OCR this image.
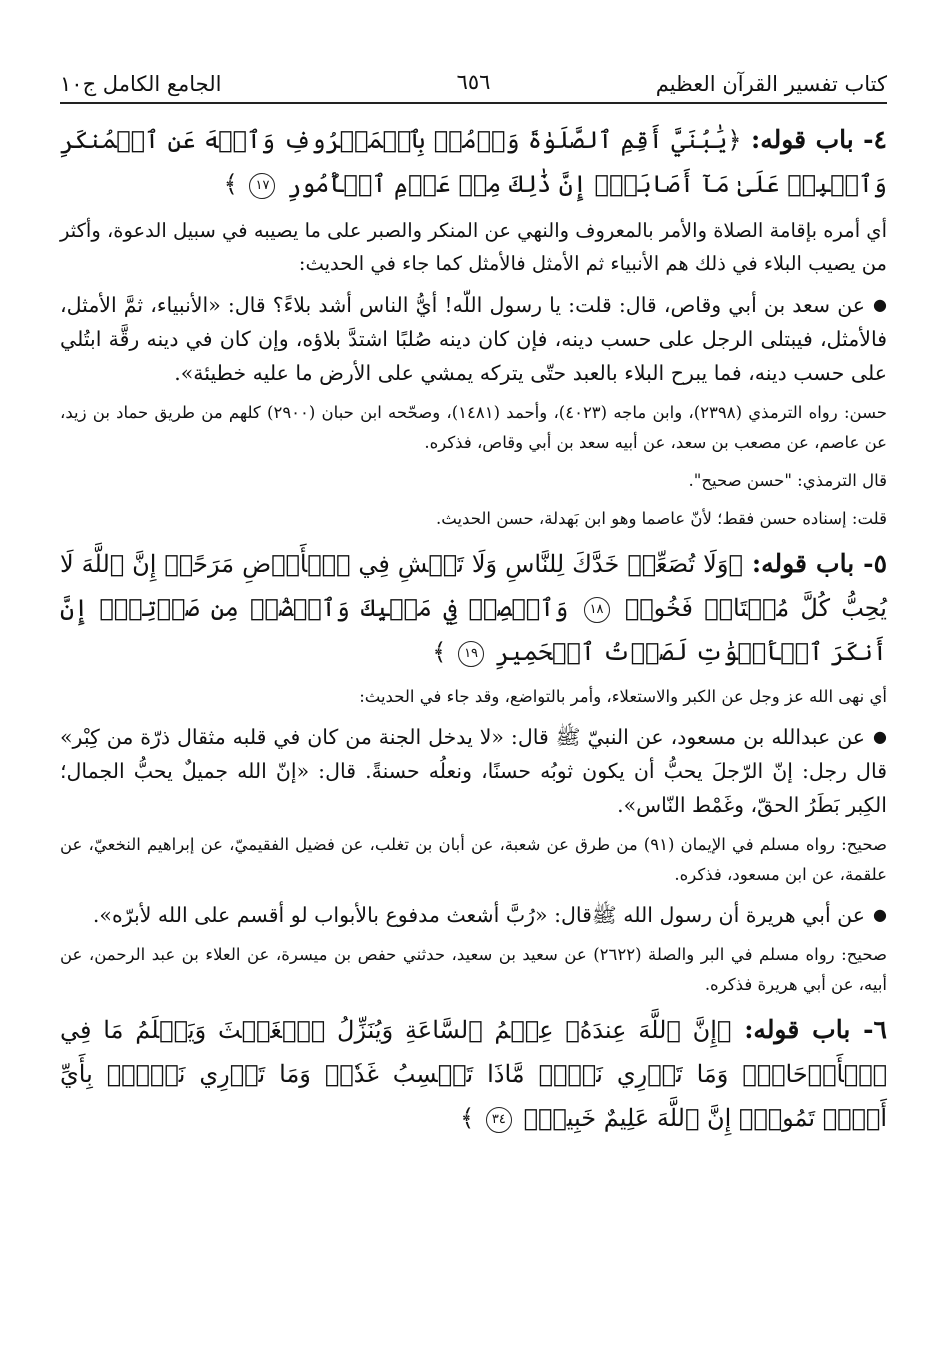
كتاب تفسير القرآن العظيم
٦٥٦
الجامع الكامل ج١٠
٤- باب قوله: ﴿يَٰبُنَيَّ أَقِمِ ٱلصَّلَوٰةَ وَأۡمُرۡ بِٱلۡمَعۡرُوفِ وَٱنۡهَ عَنِ ٱلۡمُنكَرِ وَٱصۡبِرۡ عَلَىٰ مَآ أَصَابَكَۖ إِنَّ ذَٰلِكَ مِنۡ عَزۡمِ ٱلۡأُمُورِ ١٧ ﴾

أي أمره بإقامة الصلاة والأمر بالمعروف والنهي عن المنكر والصبر على ما يصيبه في سبيل الدعوة، وأكثر من يصيب البلاء في ذلك هم الأنبياء ثم الأمثل فالأمثل كما جاء في الحديث:

●عن سعد بن أبي وقاص، قال: قلت: يا رسول اللّه! أيُّ الناس أشد بلاءً؟ قال: «الأنبياء، ثمَّ الأمثل، فالأمثل، فيبتلى الرجل على حسب دينه، فإن كان دينه صُلبًا اشتدَّ بلاؤه، وإن كان في دينه رقَّة ابتُلي على حسب دينه، فما يبرح البلاء بالعبد حتّى يتركه يمشي على الأرض ما عليه خطيئة».

حسن: رواه الترمذي (٢٣٩٨)، وابن ماجه (٤٠٢٣)، وأحمد (١٤٨١)، وصحّحه ابن حبان (٢٩٠٠) كلهم من طريق حماد بن زيد، عن عاصم، عن مصعب بن سعد، عن أبيه سعد بن أبي وقاص، فذكره.

قال الترمذي: "حسن صحيح".

قلت: إسناده حسن فقط؛ لأنّ عاصما وهو ابن بَهدلة، حسن الحديث.

٥- باب قوله: ﴿وَلَا تُصَعِّرۡ خَدَّكَ لِلنَّاسِ وَلَا تَمۡشِ فِي ٱلۡأَرۡضِ مَرَحًاۖ إِنَّ ٱللَّهَ لَا يُحِبُّ كُلَّ مُخۡتَالٖ فَخُورٖ ١٨ وَٱقۡصِدۡ فِي مَشۡيِكَ وَٱغۡضُضۡ مِن صَوۡتِكَۚ إِنَّ أَنكَرَ ٱلۡأَصۡوَٰتِ لَصَوۡتُ ٱلۡحَمِيرِ ١٩ ﴾

أي نهى الله عز وجل عن الكبر والاستعلاء، وأمر بالتواضع، وقد جاء في الحديث:

●عن عبدالله بن مسعود، عن النبيّ ﷺ قال: «لا يدخل الجنة من كان في قلبه مثقال ذرّة من كِبْر» قال رجل: إنّ الرّجلَ يحبُّ أن يكون ثوبُه حسنًا، ونعلُه حسنةً. قال: «إنّ الله جميلٌ يحبُّ الجمال؛ الكِبر بَطَرُ الحقّ، وغَمْط النّاس».

صحيح: رواه مسلم في الإيمان (٩١) من طرق عن شعبة، عن أبان بن تغلب، عن فضيل الفقيميّ، عن إبراهيم النخعيّ، عن علقمة، عن ابن مسعود، فذكره.

●عن أبي هريرة أن رسول الله ﷺقال: «رُبَّ أشعث مدفوع بالأبواب لو أقسم على الله لأبرّه».

صحيح: رواه مسلم في البر والصلة (٢٦٢٢) عن سعيد بن سعيد، حدثني حفص بن ميسرة، عن العلاء بن عبد الرحمن، عن أبيه، عن أبي هريرة فذكره.

٦- باب قوله: ﴿إِنَّ ٱللَّهَ عِندَهُۥ عِلۡمُ ٱلسَّاعَةِ وَيُنَزِّلُ ٱلۡغَيۡثَ وَيَعۡلَمُ مَا فِي ٱلۡأَرۡحَامِۖ وَمَا تَدۡرِي نَفۡسٞ مَّاذَا تَكۡسِبُ غَدٗاۖ وَمَا تَدۡرِي نَفۡسُۢ بِأَيِّ أَرۡضٖ تَمُوتُۚ إِنَّ ٱللَّهَ عَلِيمٌ خَبِيرُۢ ٣٤ ﴾
